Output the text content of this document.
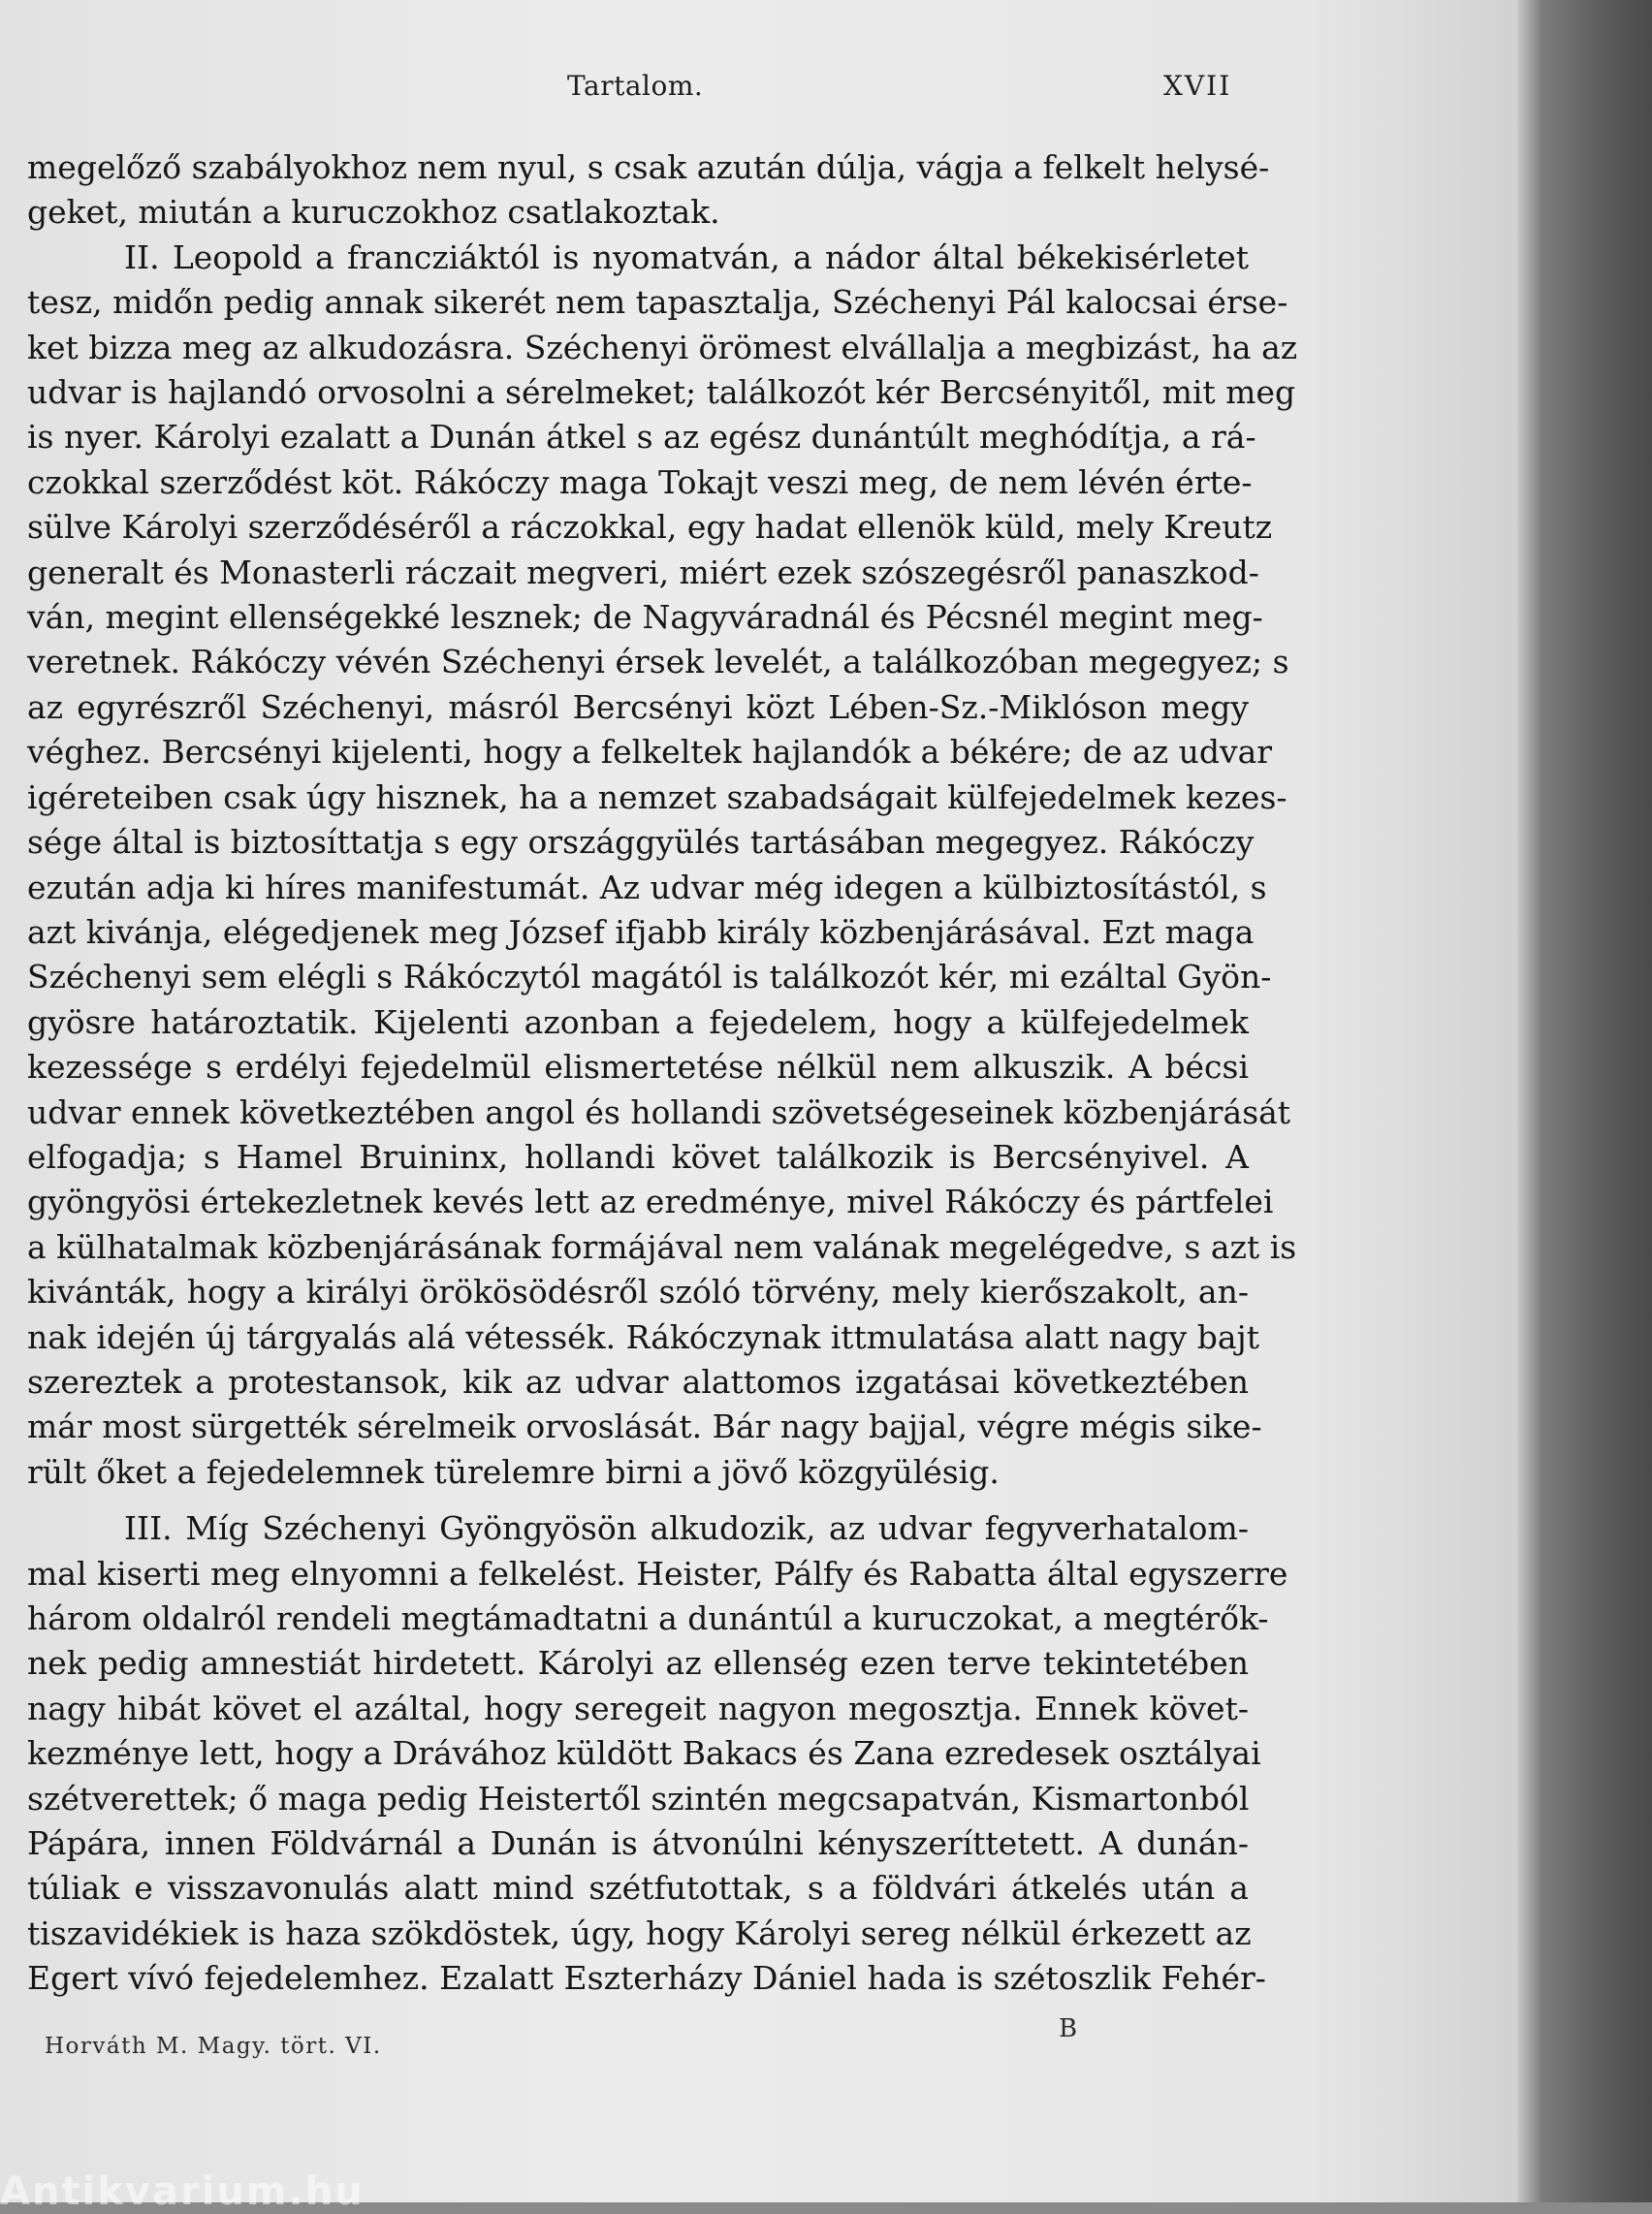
Tartalom.	XVII
megelőző szabályokhoz nem nyul, s csak azután dúlja, vágja a felkelt helysé-
geket, miután a kuruczokhoz csatlakoztak.
II. Leopold a francziáktól is nyomatván, a nádor által békekisérletet
tesz, midőn pedig annak sikerét nem tapasztalja, Széchenyi Pál kalocsai érse-
ket bizza meg az alkudozásra. Széchenyi örömest elvállalja a megbizást, ha az
udvar is hajlandó orvosolni a sérelmeket; találkozót kér Bercsényitől, mit meg
is nyer. Károlyi ezalatt a Dunán átkel s az egész dunántúlt meghódítja, a rá-
czokkal szerződést köt. Rákóczy maga Tokajt veszi meg, de nem lévén érte-
sülve Károlyi szerződéséről a ráczokkal, egy hadat ellenök küld, mely Kreutz
generalt és Monasterli ráczait megveri, miért ezek szószegésről panaszkod-
ván, megint ellenségekké lesznek; de Nagyváradnál és Pécsnél megint meg-
veretnek. Rákóczy vévén Széchenyi érsek levelét, a találkozóban megegyez; s
az egyrészről Széchenyi, másról Bercsényi közt Lében-Sz.-Miklóson megy
véghez. Bercsényi kijelenti, hogy a felkeltek hajlandók a békére; de az udvar
igéreteiben csak úgy hisznek, ha a nemzet szabadságait külfejedelmek kezes-
sége által is biztosíttatja s egy országgyülés tartásában megegyez. Rákóczy
ezután adja ki híres manifestumát. Az udvar még idegen a külbiztosítástól, s
azt kivánja, elégedjenek meg József ifjabb király közbenjárásával. Ezt maga
Széchenyi sem elégli s Rákóczytól magától is találkozót kér, mi ezáltal Gyön-
gyösre határoztatik. Kijelenti azonban a fejedelem, hogy a külfejedelmek
kezessége s erdélyi fejedelmül elismertetése nélkül nem alkuszik. A bécsi
udvar ennek következtében angol és hollandi szövetségeseinek közbenjárását
elfogadja; s Hamel Bruininx, hollandi követ találkozik is Bercsényivel. A
gyöngyösi értekezletnek kevés lett az eredménye, mivel Rákóczy és pártfelei
a külhatalmak közbenjárásának formájával nem valának megelégedve, s azt is
kivánták, hogy a királyi örökösödésről szóló törvény, mely kierőszakolt, an-
nak idején új tárgyalás alá vétessék. Rákóczynak ittmulatása alatt nagy bajt
szereztek a protestansok, kik az udvar alattomos izgatásai következtében
már most sürgették sérelmeik orvoslását. Bár nagy bajjal, végre mégis sike-
rült őket a fejedelemnek türelemre birni a jövő közgyülésig.
III. Míg Széchenyi Gyöngyösön alkudozik, az udvar fegyverhatalom-
mal kiserti meg elnyomni a felkelést. Heister, Pálfy és Rabatta által egyszerre
három oldalról rendeli megtámadtatni a dunántúl a kuruczokat, a megtérők-
nek pedig amnestiát hirdetett. Károlyi az ellenség ezen terve tekintetében
nagy hibát követ el azáltal, hogy seregeit nagyon megosztja. Ennek követ-
kezménye lett, hogy a Drávához küldött Bakacs és Zana ezredesek osztályai
szétverettek; ő maga pedig Heistertől szintén megcsapatván, Kismartonból
Pápára, innen Földvárnál a Dunán is átvonúlni kényszeríttetett. A dunán-
túliak e visszavonulás alatt mind szétfutottak, s a földvári átkelés után a
tiszavidékiek is haza szökdöstek, úgy, hogy Károlyi sereg nélkül érkezett az
Egert vívó fejedelemhez. Ezalatt Eszterházy Dániel hada is szétoszlik Fehér-
Horváth M. Magy. tört. VI.
B
Antikvarium.hu
